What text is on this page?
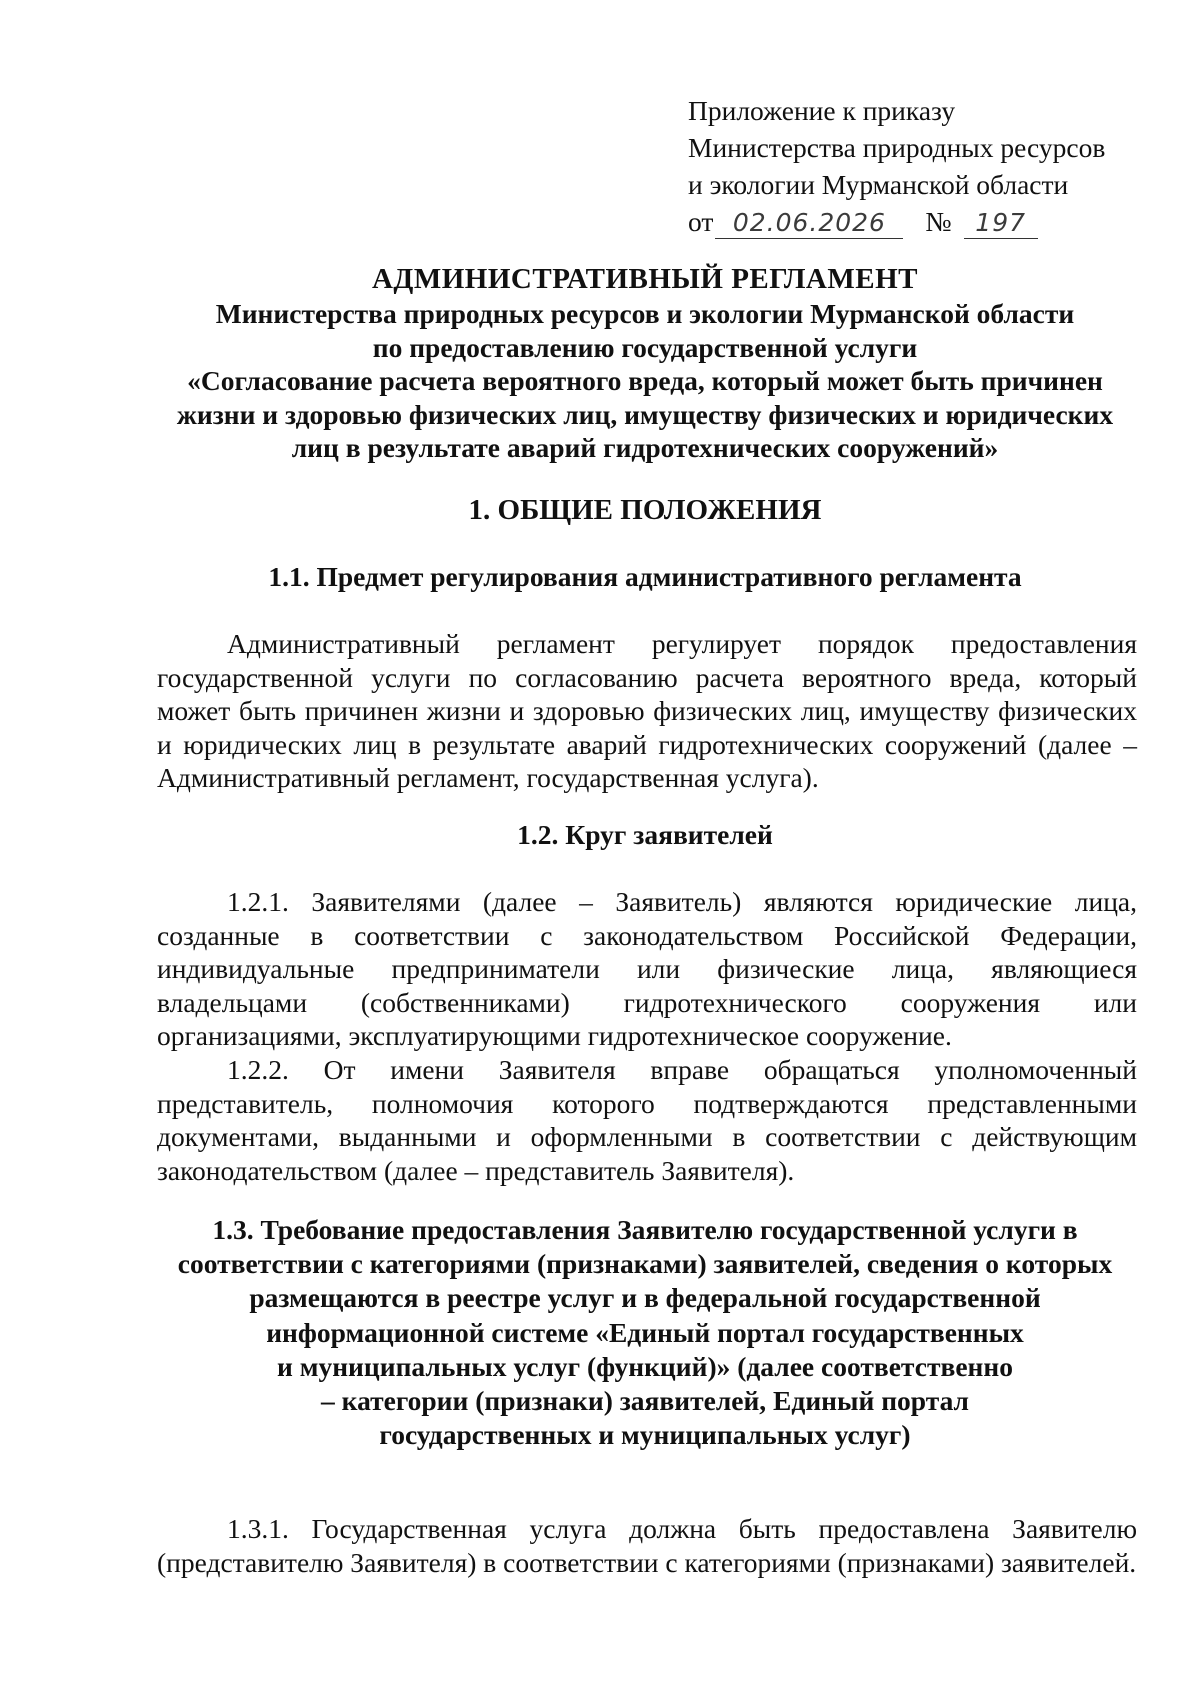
Приложение к приказу
Министерства природных ресурсов
и экологии Мурманской области
от 02.06.2026 № 197
АДМИНИСТРАТИВНЫЙ РЕГЛАМЕНТ
Министерства природных ресурсов и экологии Мурманской области
по предоставлению государственной услуги
«Согласование расчета вероятного вреда, который может быть причинен
жизни и здоровью физических лиц, имуществу физических и юридических
лиц в результате аварий гидротехнических сооружений»
1. ОБЩИЕ ПОЛОЖЕНИЯ
1.1. Предмет регулирования административного регламента
Административный регламент регулирует порядок предоставления государственной услуги по согласованию расчета вероятного вреда, который может быть причинен жизни и здоровью физических лиц, имуществу физических и юридических лиц в результате аварий гидротехнических сооружений (далее – Административный регламент, государственная услуга).
1.2. Круг заявителей
1.2.1. Заявителями (далее – Заявитель) являются юридические лица, созданные в соответствии с законодательством Российской Федерации, индивидуальные предприниматели или физические лица, являющиеся владельцами (собственниками) гидротехнического сооружения или организациями, эксплуатирующими гидротехническое сооружение.
1.2.2. От имени Заявителя вправе обращаться уполномоченный представитель, полномочия которого подтверждаются представленными документами, выданными и оформленными в соответствии с действующим законодательством (далее – представитель Заявителя).
1.3. Требование предоставления Заявителю государственной услуги в
соответствии с категориями (признаками) заявителей, сведения о которых
размещаются в реестре услуг и в федеральной государственной
информационной системе «Единый портал государственных
и муниципальных услуг (функций)» (далее соответственно
– категории (признаки) заявителей, Единый портал
государственных и муниципальных услуг)
1.3.1. Государственная услуга должна быть предоставлена Заявителю (представителю Заявителя) в соответствии с категориями (признаками) заявителей.
